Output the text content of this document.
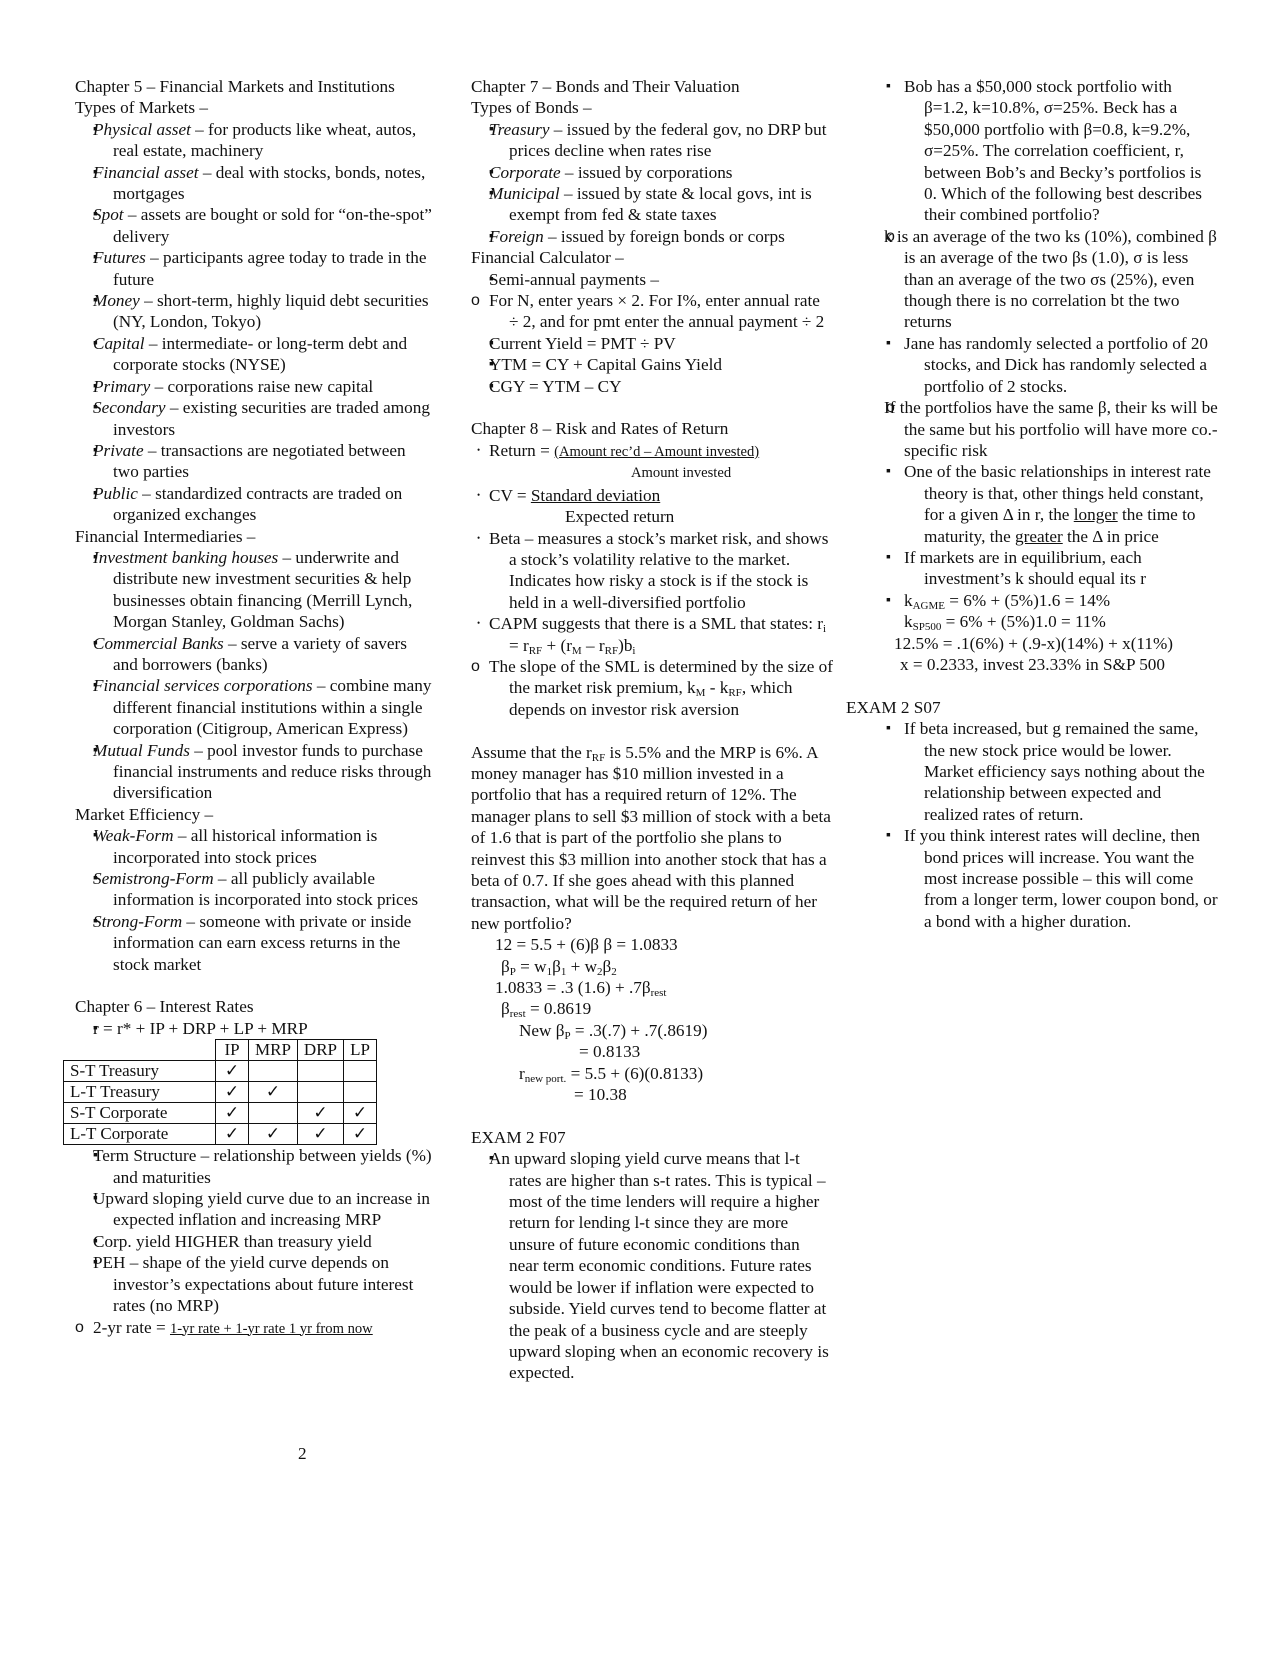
Chapter 5 – Financial Markets and Institutions

Types of Markets –

▪ Physical asset – for products like wheat, autos, real estate, machinery

▪ Financial asset – deal with stocks, bonds, notes, mortgages

▪ Spot – assets are bought or sold for “on-the-spot” delivery

▪ Futures – participants agree today to trade in the future

▪ Money – short-term, highly liquid debt securities (NY, London, Tokyo)

▪ Capital – intermediate- or long-term debt and corporate stocks (NYSE)

▪ Primary – corporations raise new capital

▪ Secondary – existing securities are traded among investors

▪ Private – transactions are negotiated between two parties

▪ Public – standardized contracts are traded on organized exchanges

Financial Intermediaries –

▪ Investment banking houses – underwrite and distribute new investment securities & help businesses obtain financing (Merrill Lynch, Morgan Stanley, Goldman Sachs)

▪ Commercial Banks – serve a variety of savers and borrowers (banks)

▪ Financial services corporations – combine many different financial institutions within a single corporation (Citigroup, American Express)

▪ Mutual Funds – pool investor funds to purchase financial instruments and reduce risks through diversification

Market Efficiency –

▪ Weak-Form – all historical information is incorporated into stock prices

▪ Semistrong-Form – all publicly available information is incorporated into stock prices

▪ Strong-Form – someone with private or inside information can earn excess returns in the stock market

Chapter 6 – Interest Rates

▪ r = r* + IP + DRP + LP + MRP

	IP	MRP	DRP	LP
S-T Treasury	✓			
L-T Treasury	✓	✓		
S-T Corporate	✓		✓	✓
L-T Corporate	✓	✓	✓	✓

▪ Term Structure – relationship between yields (%) and maturities

▪ Upward sloping yield curve due to an increase in expected inflation and increasing MRP

▪ Corp. yield HIGHER than treasury yield

▪ PEH – shape of the yield curve depends on investor’s expectations about future interest rates (no MRP)

o 2-yr rate = 1-yr rate + 1-yr rate 1 yr from now

2

Chapter 7 – Bonds and Their Valuation

Types of Bonds –

▪ Treasury – issued by the federal gov, no DRP but prices decline when rates rise

▪ Corporate – issued by corporations

▪ Municipal – issued by state & local govs, int is exempt from fed & state taxes

▪ Foreign – issued by foreign bonds or corps

Financial Calculator –

▪ Semi-annual payments –

o For N, enter years × 2. For I%, enter annual rate ÷ 2, and for pmt enter the annual payment ÷ 2

▪ Current Yield = PMT ÷ PV

▪ YTM = CY + Capital Gains Yield

▪ CGY = YTM – CY

Chapter 8 – Risk and Rates of Return

• Return = (Amount rec’d – Amount invested)

Amount invested

• CV = Standard deviation

Expected return

• Beta – measures a stock’s market risk, and shows a stock’s volatility relative to the market. Indicates how risky a stock is if the stock is held in a well-diversified portfolio

• CAPM suggests that there is a SML that states: $r_i = r_{RF} + (r_M - r_{RF})b_i$

o The slope of the SML is determined by the size of the market risk premium, $k_M - k_{RF}$, which depends on investor risk aversion

Assume that the $r_{RF}$ is 5.5% and the MRP is 6%. A money manager has $10 million invested in a portfolio that has a required return of 12%. The manager plans to sell $3 million of stock with a beta of 1.6 that is part of the portfolio she plans to reinvest this $3 million into another stock that has a beta of 0.7. If she goes ahead with this planned transaction, what will be the required return of her new portfolio?

12 = 5.5 + (6)β β = 1.0833

$\beta_P = w_1\beta_1 + w_2\beta_2$

1.0833 = .3 $(1.6) + .7\beta_{rest}$

$\beta_{rest} = 0.8619$

New $\beta_P = .3(.7) + .7(.8619)$

= 0.8133

$r_{new port.} = 5.5 + (6)(0.8133)$

= 10.38

EXAM 2 F07

▪ An upward sloping yield curve means that l-t rates are higher than s-t rates. This is typical – most of the time lenders will require a higher return for lending l-t since they are more unsure of future economic conditions than near term economic conditions. Future rates would be lower if inflation were expected to subside. Yield curves tend to become flatter at the peak of a business cycle and are steeply upward sloping when an economic recovery is expected.

▪ Bob has a $50,000 stock portfolio with β=1.2, k=10.8%, σ=25%. Beck has a $50,000 portfolio with β=0.8, k=9.2%, σ=25%. The correlation coefficient, r, between Bob’s and Becky’s portfolios is 0. Which of the following best describes their combined portfolio?

o k is an average of the two ks (10%), combined β is an average of the two βs (1.0), σ is less than an average of the two σs (25%), even though there is no correlation bt the two returns

▪ Jane has randomly selected a portfolio of 20 stocks, and Dick has randomly selected a portfolio of 2 stocks.

o If the portfolios have the same β, their ks will be the same but his portfolio will have more co.-specific risk

▪ One of the basic relationships in interest rate theory is that, other things held constant, for a given Δ in r, the longer the time to maturity, the greater the Δ in price

▪ If markets are in equilibrium, each investment’s k should equal its r

▪ $k_{AGME} = 6\% + (5\%)1.6 = 14\%$

$k_{SP500} = 6\% + (5\%)1.0 = 11\%$

12.5% = .1(6%) + (.9-x)(14%) + x(11%)

x = 0.2333, invest 23.33% in S&P 500

EXAM 2 S07

▪ If beta increased, but g remained the same, the new stock price would be lower. Market efficiency says nothing about the relationship between expected and realized rates of return.

▪ If you think interest rates will decline, then bond prices will increase. You want the most increase possible – this will come from a longer term, lower coupon bond, or a bond with a higher duration.
